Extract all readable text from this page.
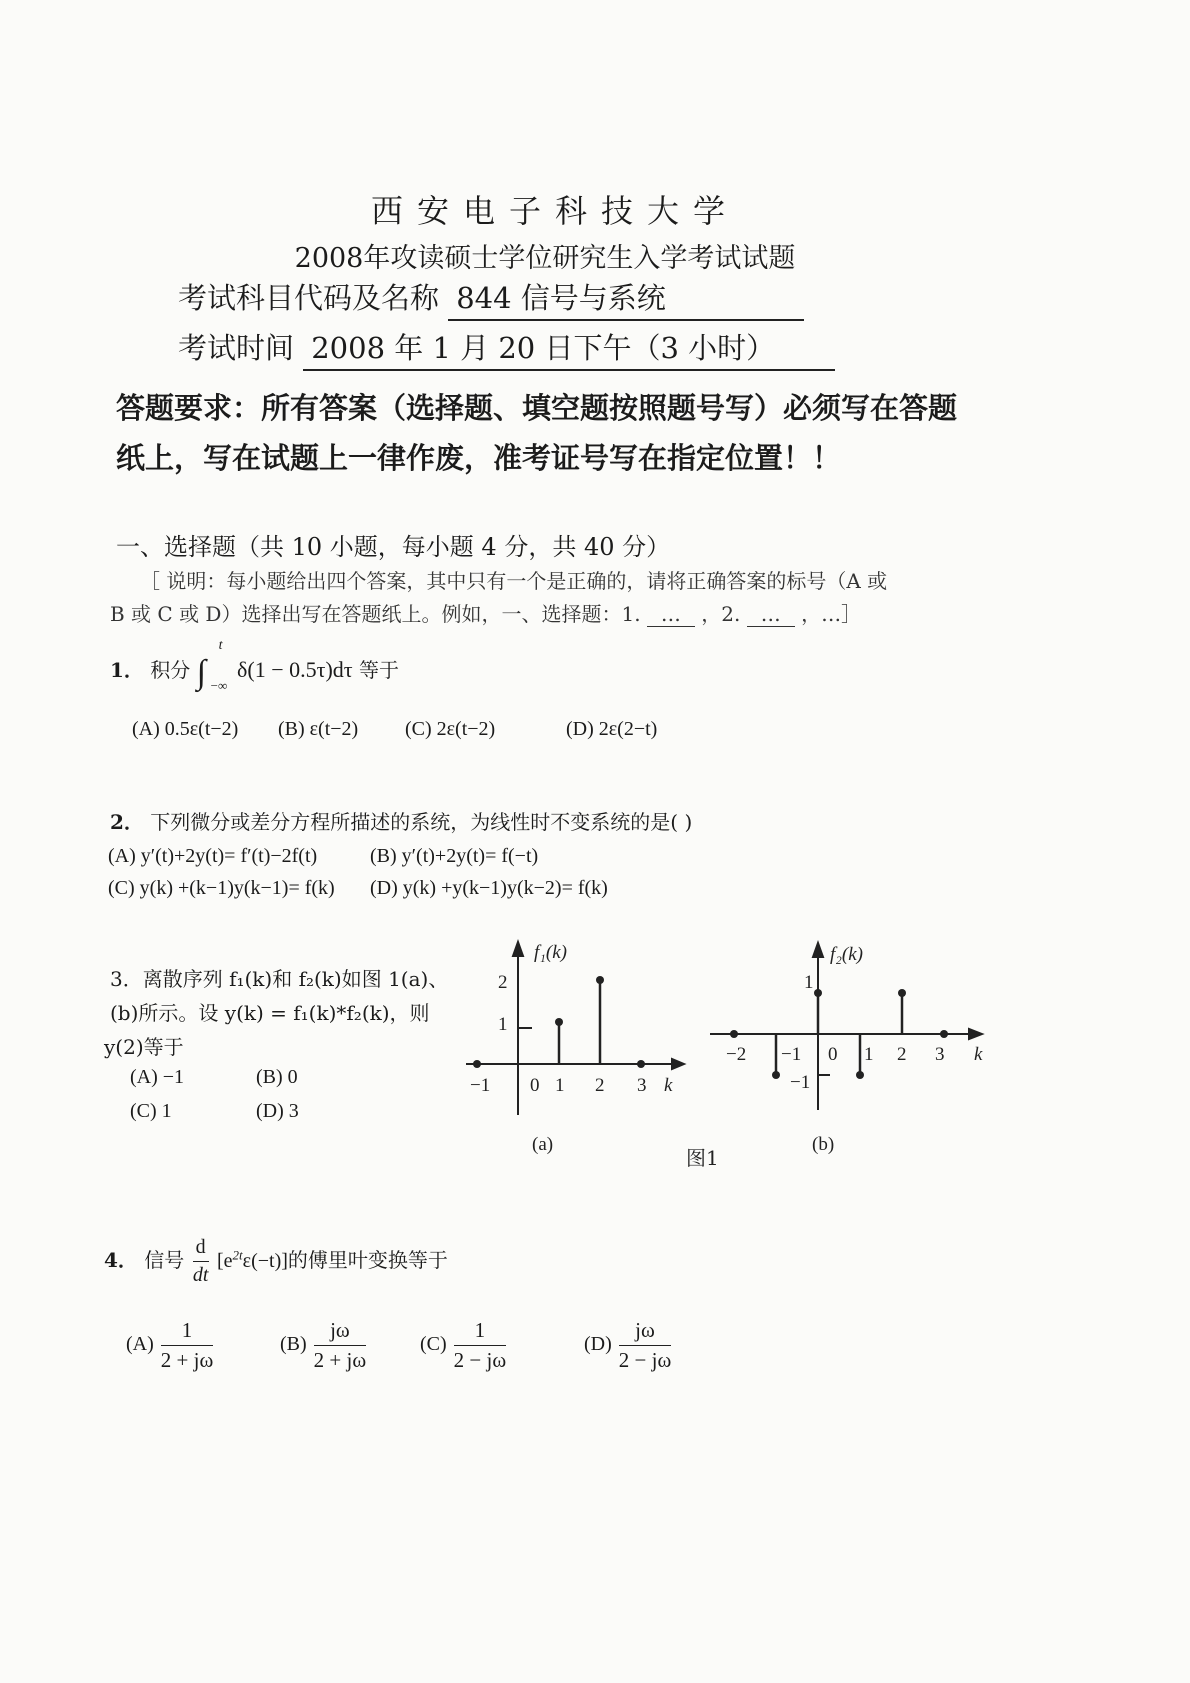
西安电子科技大学
2008年攻读硕士学位研究生入学考试试题
考试科目代码及名称 844 信号与系统
考试时间 2008 年 1 月 20 日下午（3 小时）
答题要求：所有答案（选择题、填空题按照题号写）必须写在答题
纸上，写在试题上一律作废，准考证号写在指定位置！！
一、选择题（共 10 小题，每小题 4 分，共 40 分）
［ 说明：每小题给出四个答案，其中只有一个是正确的，请将正确答案的标号（A 或
B 或 C 或 D）选择出写在答题纸上。例如，一、选择题：1. … ，2. … ，…］
1． 积分 ∫
t
−∞
δ(1 − 0.5τ)dτ 等于
(A) 0.5ε(t−2) (B) ε(t−2) (C) 2ε(t−2)	(D) 2ε(2−t)
2． 下列微分或差分方程所描述的系统，为线性时不变系统的是( )
(A) y′(t)+2y(t)= f′(t)−2f(t)	(B) y′(t)+2y(t)= f(−t)
(C) y(k) +(k−1)y(k−1)= f(k) (D) y(k) +y(k−1)y(k−2)= f(k)
3．离散序列 f₁(k)和 f₂(k)如图 1(a)、
(b)所示。设 y(k) = f₁(k)*f₂(k)，则
y(2)等于
(A) −1	(B) 0
(C) 1	(D) 3
f₁(k)
2
1
−1 0 1 2 3 k
(a)
f₂(k)
1
−1
−2 −1 0 1 2 3 k
(b)
图1
4． 信号 $\frac{d}{dt} [e^{2t}\varepsilon(-t)]$的傅里叶变换等于
$(A) \frac{1}{2 + j\omega}$	$(B) \frac{j\omega}{2 + j\omega}$	$(C) \frac{1}{2 - j\omega}$	$(D) \frac{j\omega}{2 - j\omega}$
